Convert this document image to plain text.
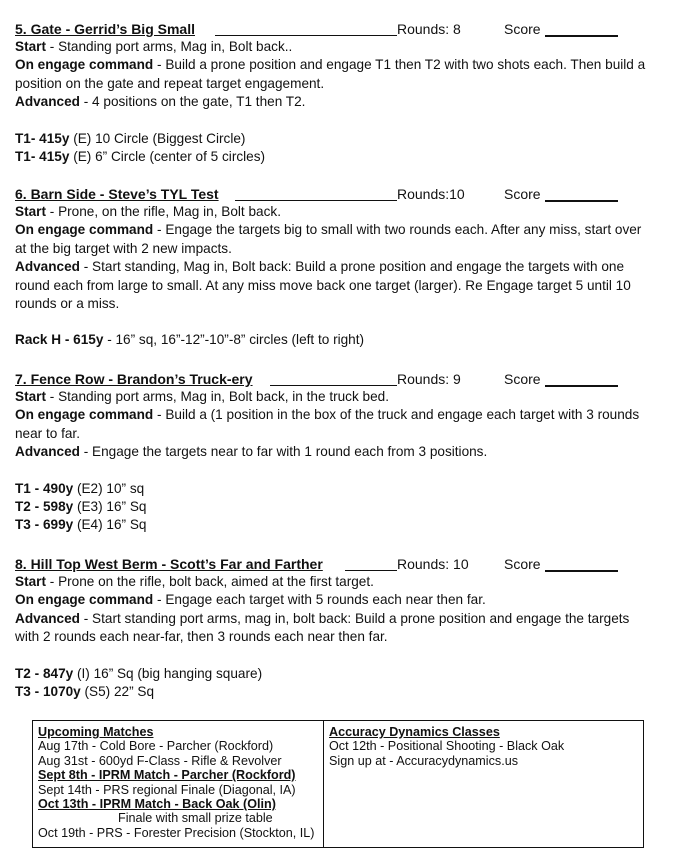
5. Gate - Gerrid’s Big Small	Rounds: 8	Score

Start - Standing port arms, Mag in, Bolt back..

On engage command - Build a prone position and engage T1 then T2 with two shots each. Then build a

position on the gate and repeat target engagement.

Advanced - 4 positions on the gate, T1 then T2.

T1- 415y (E) 10 Circle (Biggest Circle)

T1- 415y (E) 6” Circle (center of 5 circles)

6. Barn Side - Steve’s TYL Test	Rounds:10	Score

Start - Prone, on the rifle, Mag in, Bolt back.

On engage command - Engage the targets big to small with two rounds each. After any miss, start over

at the big target with 2 new impacts.

Advanced - Start standing, Mag in, Bolt back: Build a prone position and engage the targets with one

round each from large to small. At any miss move back one target (larger). Re Engage target 5 until 10

rounds or a miss.

Rack H - 615y - 16” sq, 16”-12”-10”-8” circles (left to right)

7. Fence Row - Brandon’s Truck-ery	Rounds: 9	Score

Start - Standing port arms, Mag in, Bolt back, in the truck bed.

On engage command - Build a (1 position in the box of the truck and engage each target with 3 rounds

near to far.

Advanced - Engage the targets near to far with 1 round each from 3 positions.

T1 - 490y (E2) 10” sq

T2 - 598y (E3) 16” Sq

T3 - 699y (E4) 16” Sq

8. Hill Top West Berm - Scott’s Far and Farther	Rounds: 10	Score

Start - Prone on the rifle, bolt back, aimed at the first target.

On engage command - Engage each target with 5 rounds each near then far.

Advanced - Start standing port arms, mag in, bolt back: Build a prone position and engage the targets

with 2 rounds each near-far, then 3 rounds each near then far.

T2 - 847y (I) 16” Sq (big hanging square)

T3 - 1070y (S5) 22” Sq

Upcoming Matches
Aug 17th - Cold Bore - Parcher (Rockford)
Aug 31st - 600yd F-Class - Rifle & Revolver
Sept 8th - IPRM Match - Parcher (Rockford)
Sept 14th - PRS regional Finale (Diagonal, IA)
Oct 13th - IPRM Match - Back Oak (Olin)
Finale with small prize table
Oct 19th - PRS - Forester Precision (Stockton, IL)
Accuracy Dynamics Classes
Oct 12th - Positional Shooting - Black Oak
Sign up at - Accuracydynamics.us
